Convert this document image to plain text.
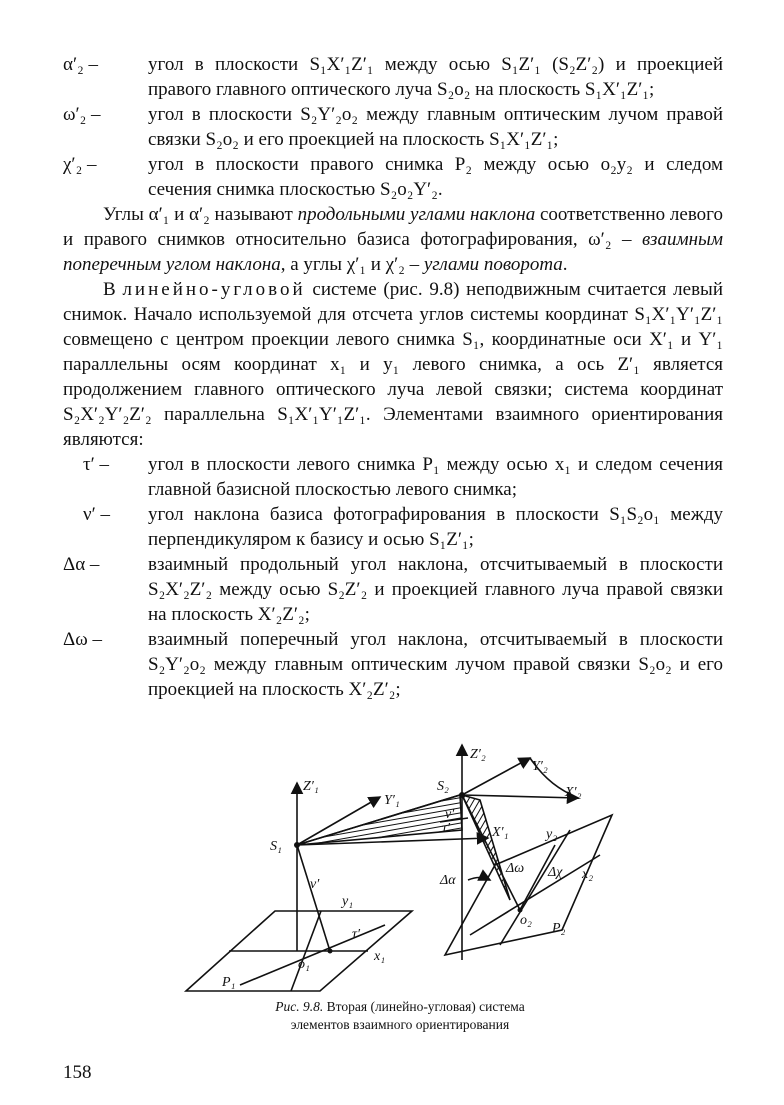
α′₂ –	угол в плоскости S₁X′₁Z′₁ между осью S₁Z′₁ (S₂Z′₂) и проекцией правого главного оптического луча S₂o₂ на плоскость S₁X′₁Z′₁;

ω′₂ – угол в плоскости S₂Y′₂o₂ между главным оптическим лучом правой связки S₂o₂ и его проекцией на плоскость S₁X′₁Z′₁;

χ′₂ –	угол в плоскости правого снимка P₂ между осью o₂y₂ и следом сечения снимка плоскостью S₂o₂Y′₂.

Углы α′₁ и α′₂ называют продольными углами наклона соответственно левого и правого снимков относительно базиса фотографирования, ω′₂ – взаимным поперечным углом наклона, а углы χ′₁ и χ′₂ – углами поворота.

В линейно-угловой системе (рис. 9.8) неподвижным считается левый снимок. Начало используемой для отсчета углов системы координат S₁X′₁Y′₁Z′₁ совмещено с центром проекции левого снимка S₁, координатные оси X′₁ и Y′₁ параллельны осям координат x₁ и y₁ левого снимка, а ось Z′₁ является продолжением главного оптического луча левой связки; система координат S₂X′₂Y′₂Z′₂ параллельна S₁X′₁Y′₁Z′₁. Элементами взаимного ориентирования являются:

τ′ – угол в плоскости левого снимка P₁ между осью x₁ и следом сечения главной базисной плоскостью левого снимка;

ν′ – угол наклона базиса фотографирования в плоскости S₁S₂o₁ между перпендикуляром к базису и осью S₁Z′₁;

Δα –	взаимный продольный угол наклона, отсчитываемый в плоскости S₂X′₂Z′₂ между осью S₂Z′₂ и проекцией главного луча правой связки на плоскость X′₂Z′₂;

Δω – взаимный поперечный угол наклона, отсчитываемый в плоскости S₂Y′₂o₂ между главным оптическим лучом правой связки S₂o₂ и его проекцией на плоскость X′₂Z′₂;

Z′₁
Y′₁
S₁
S₂
Z′₂
Y′₂
X′₂
X′₁
ν′
τ′
ν′
y₁
τ′
o₁
x₁
P₁
Δα
Δω
y₂
Δχ x₂
o₂
P₂
Рис. 9.8. Вторая (линейно-угловая) система
элементов взаимного ориентирования
158
